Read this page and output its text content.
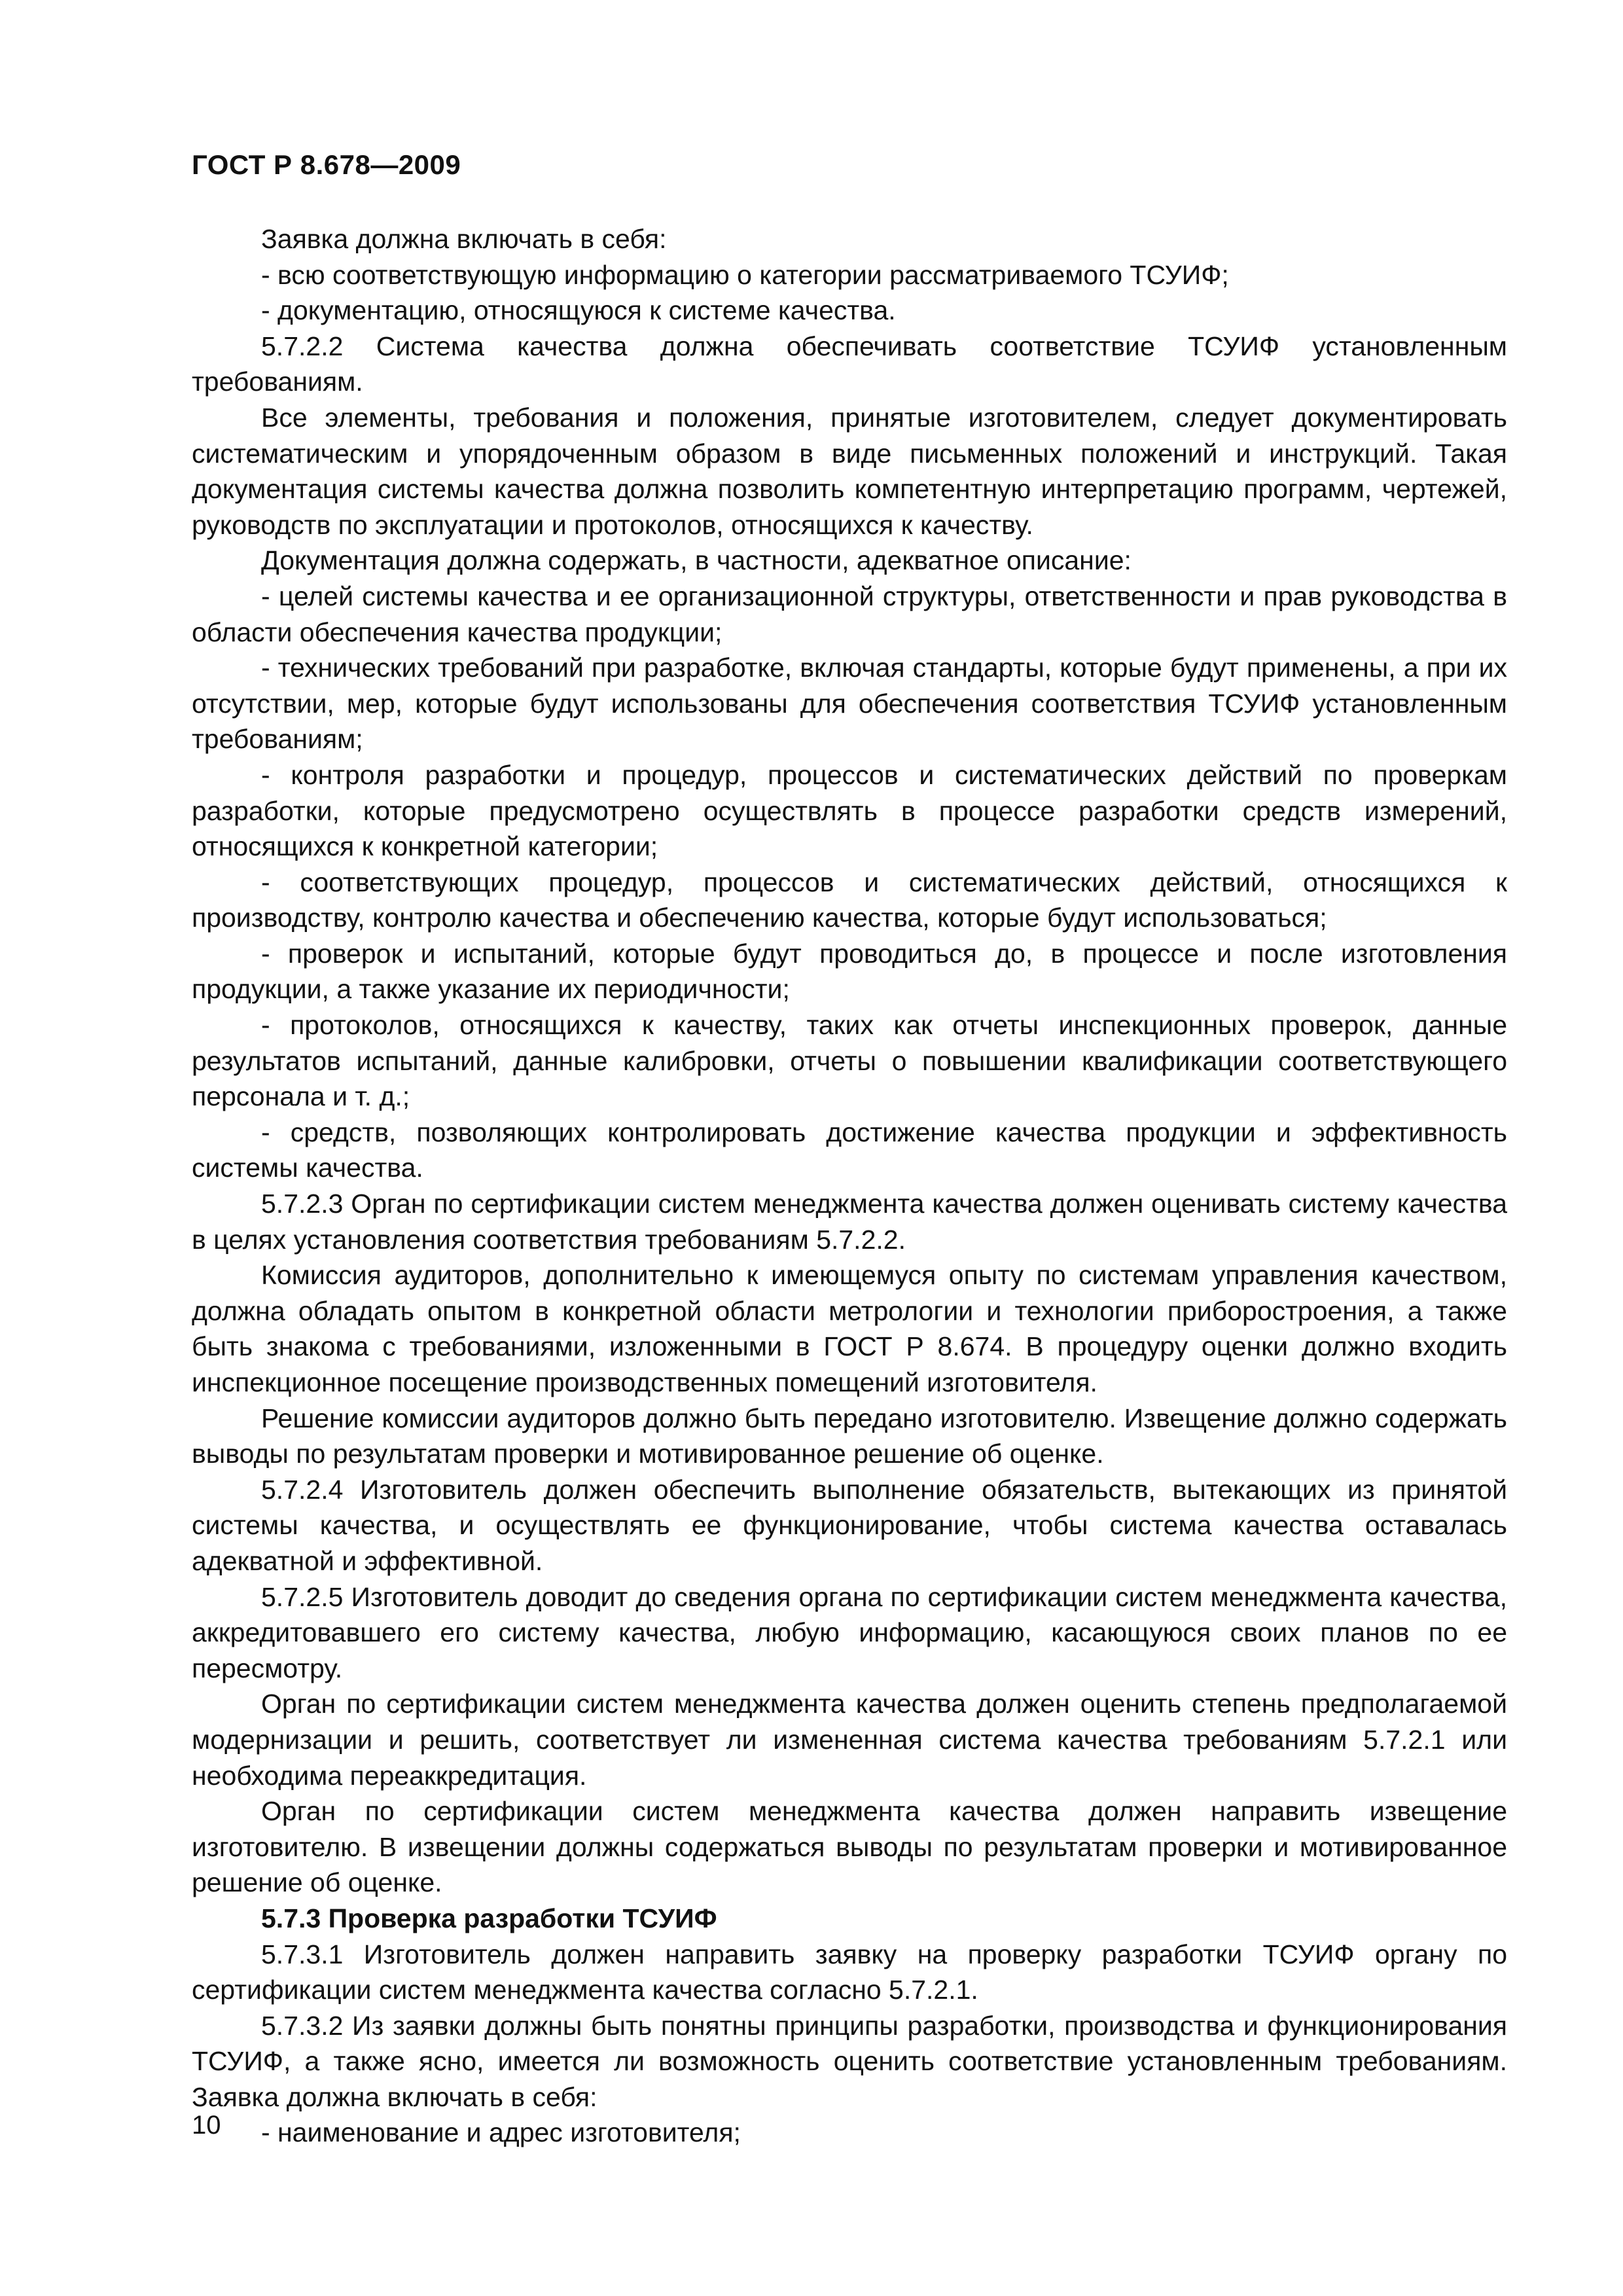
ГОСТ Р 8.678—2009

Заявка должна включать в себя:

- всю соответствующую информацию о категории рассматриваемого ТСУИФ;

- документацию, относящуюся к системе качества.

5.7.2.2 Система качества должна обеспечивать соответствие ТСУИФ установленным требованиям.

Все элементы, требования и положения, принятые изготовителем, следует документировать систематическим и упорядоченным образом в виде письменных положений и инструкций. Такая документация системы качества должна позволить компетентную интерпретацию программ, чертежей, руководств по эксплуатации и протоколов, относящихся к качеству.

Документация должна содержать, в частности, адекватное описание:

- целей системы качества и ее организационной структуры, ответственности и прав руководства в области обеспечения качества продукции;

- технических требований при разработке, включая стандарты, которые будут применены, а при их отсутствии, мер, которые будут использованы для обеспечения соответствия ТСУИФ установленным требованиям;

- контроля разработки и процедур, процессов и систематических действий по проверкам разработки, которые предусмотрено осуществлять в процессе разработки средств измерений, относящихся к конкретной категории;

- соответствующих процедур, процессов и систематических действий, относящихся к производству, контролю качества и обеспечению качества, которые будут использоваться;

- проверок и испытаний, которые будут проводиться до, в процессе и после изготовления продукции, а также указание их периодичности;

- протоколов, относящихся к качеству, таких как отчеты инспекционных проверок, данные результатов испытаний, данные калибровки, отчеты о повышении квалификации соответствующего персонала и т. д.;

- средств, позволяющих контролировать достижение качества продукции и эффективность системы качества.

5.7.2.3 Орган по сертификации систем менеджмента качества должен оценивать систему качества в целях установления соответствия требованиям 5.7.2.2.

Комиссия аудиторов, дополнительно к имеющемуся опыту по системам управления качеством, должна обладать опытом в конкретной области метрологии и технологии приборостроения, а также быть знакома с требованиями, изложенными в ГОСТ Р 8.674. В процедуру оценки должно входить инспекционное посещение производственных помещений изготовителя.

Решение комиссии аудиторов должно быть передано изготовителю. Извещение должно содержать выводы по результатам проверки и мотивированное решение об оценке.

5.7.2.4 Изготовитель должен обеспечить выполнение обязательств, вытекающих из принятой системы качества, и осуществлять ее функционирование, чтобы система качества оставалась адекватной и эффективной.

5.7.2.5 Изготовитель доводит до сведения органа по сертификации систем менеджмента качества, аккредитовавшего его систему качества, любую информацию, касающуюся своих планов по ее пересмотру.

Орган по сертификации систем менеджмента качества должен оценить степень предполагаемой модернизации и решить, соответствует ли измененная система качества требованиям 5.7.2.1 или необходима переаккредитация.

Орган по сертификации систем менеджмента качества должен направить извещение изготовителю. В извещении должны содержаться выводы по результатам проверки и мотивированное решение об оценке.

5.7.3 Проверка разработки ТСУИФ

5.7.3.1 Изготовитель должен направить заявку на проверку разработки ТСУИФ органу по сертификации систем менеджмента качества согласно 5.7.2.1.

5.7.3.2 Из заявки должны быть понятны принципы разработки, производства и функционирования ТСУИФ, а также ясно, имеется ли возможность оценить соответствие установленным требованиям. Заявка должна включать в себя:

- наименование и адрес изготовителя;

10
